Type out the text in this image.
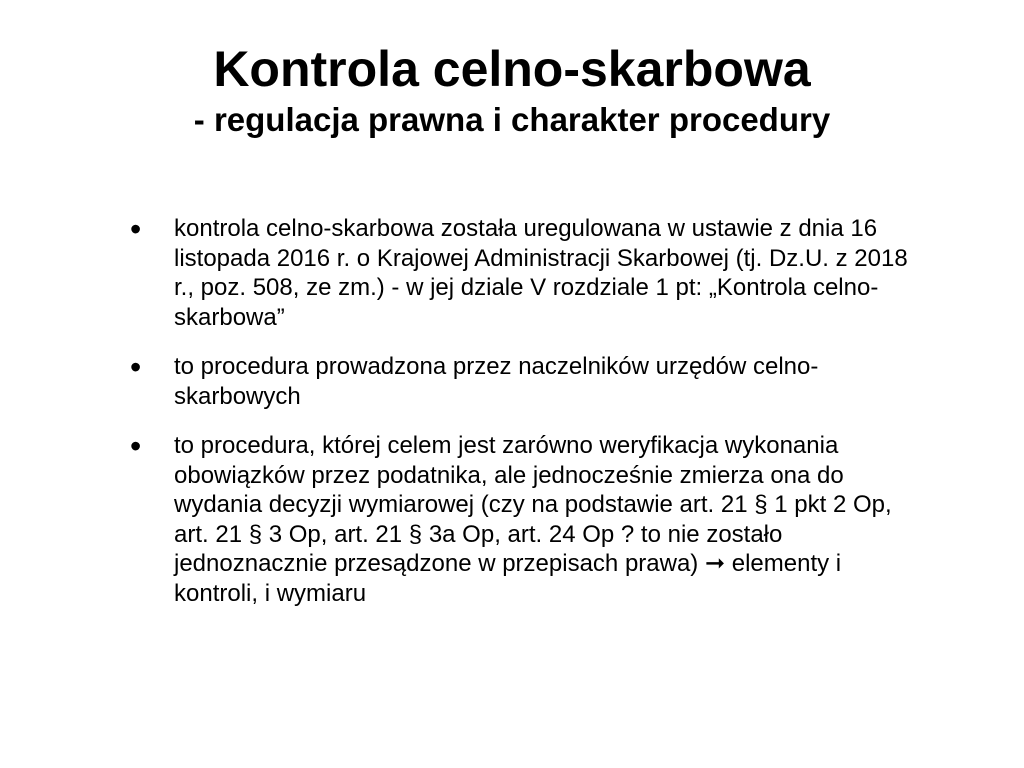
Kontrola celno-skarbowa
- regulacja prawna i charakter procedury
• kontrola celno-skarbowa została uregulowana w ustawie z dnia 16 listopada 2016 r. o Krajowej Administracji Skarbowej (tj. Dz.U. z 2018 r., poz. 508, ze zm.) - w jej dziale V rozdziale 1 pt: „Kontrola celno-skarbowa”
• to procedura prowadzona przez naczelników urzędów celno-skarbowych
• to procedura, której celem jest zarówno weryfikacja wykonania obowiązków przez podatnika, ale jednocześnie zmierza ona do wydania decyzji wymiarowej (czy na podstawie art. 21 § 1 pkt 2 Op, art. 21 § 3 Op, art. 21 § 3a Op, art. 24 Op ? to nie zostało jednoznacznie przesądzone w przepisach prawa) ➞ elementy i kontroli, i wymiaru
